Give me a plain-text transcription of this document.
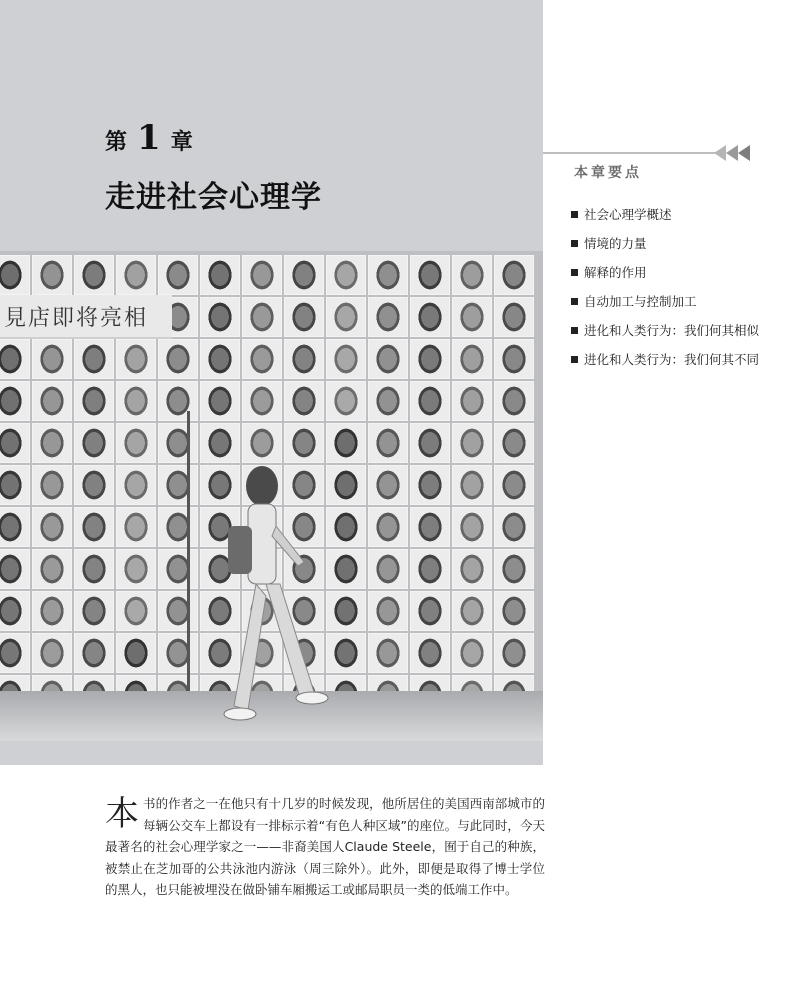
第 1 章
走进社会心理学
見店即将亮相
本章要点
社会心理学概述
情境的力量
解释的作用
自动加工与控制加工
进化和人类行为：我们何其相似
进化和人类行为：我们何其不同
本 书的作者之一在他只有十几岁的时候发现，他所居住的美国西南部城市的每辆公交车上都设有一排标示着“有色人种区域”的座位。与此同时，今天最著名的社会心理学家之一——非裔美国人Claude Steele，囿于自己的种族，被禁止在芝加哥的公共泳池内游泳（周三除外）。此外，即便是取得了博士学位的黑人，也只能被埋没在做卧铺车厢搬运工或邮局职员一类的低端工作中。
